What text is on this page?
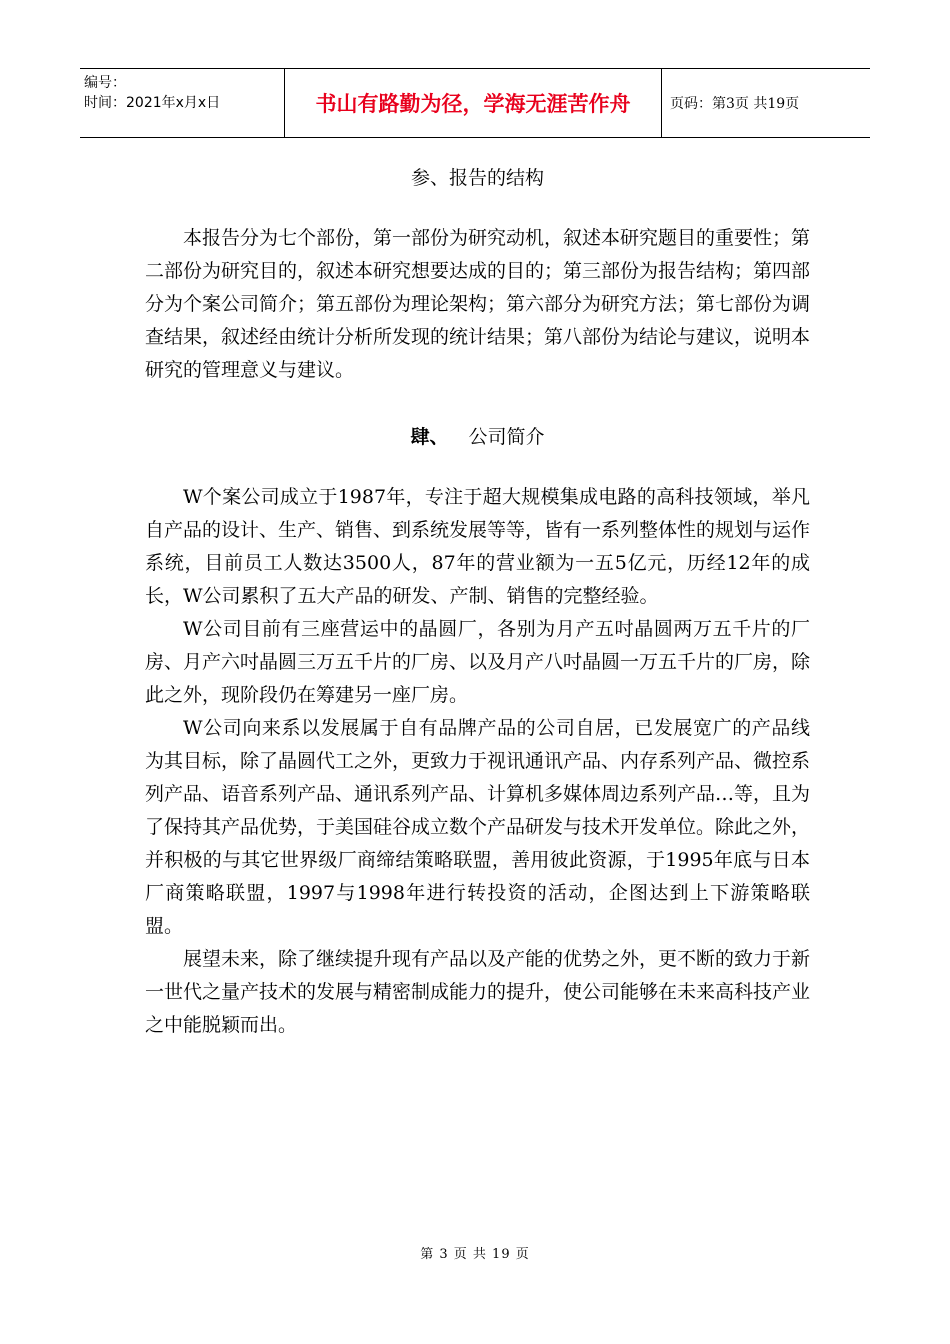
编号：
时间：2021年x月x日	书山有路勤为径，学海无涯苦作舟	页码：第3页 共19页
参、报告的结构

本报告分为七个部份，第一部份为研究动机，叙述本研究题目的重要性；第二部份为研究目的，叙述本研究想要达成的目的；第三部份为报告结构；第四部分为个案公司简介；第五部份为理论架构；第六部分为研究方法；第七部份为调查结果，叙述经由统计分析所发现的统计结果；第八部份为结论与建议，说明本研究的管理意义与建议。

肆、 公司简介

W个案公司成立于1987年，专注于超大规模集成电路的高科技领域，举凡自产品的设计、生产、销售、到系统发展等等，皆有一系列整体性的规划与运作系统，目前员工人数达3500人，87年的营业额为一五5亿元，历经12年的成长，W公司累积了五大产品的研发、产制、销售的完整经验。

W公司目前有三座营运中的晶圆厂，各别为月产五吋晶圆两万五千片的厂房、月产六吋晶圆三万五千片的厂房、以及月产八吋晶圆一万五千片的厂房，除此之外，现阶段仍在筹建另一座厂房。

W公司向来系以发展属于自有品牌产品的公司自居，已发展宽广的产品线为其目标，除了晶圆代工之外，更致力于视讯通讯产品、内存系列产品、微控系列产品、语音系列产品、通讯系列产品、计算机多媒体周边系列产品…等，且为了保持其产品优势，于美国硅谷成立数个产品研发与技术开发单位。除此之外，并积极的与其它世界级厂商缔结策略联盟，善用彼此资源，于1995年底与日本厂商策略联盟，1997与1998年进行转投资的活动，企图达到上下游策略联盟。

展望未来，除了继续提升现有产品以及产能的优势之外，更不断的致力于新一世代之量产技术的发展与精密制成能力的提升，使公司能够在未来高科技产业之中能脱颖而出。

第 3 页 共 19 页
